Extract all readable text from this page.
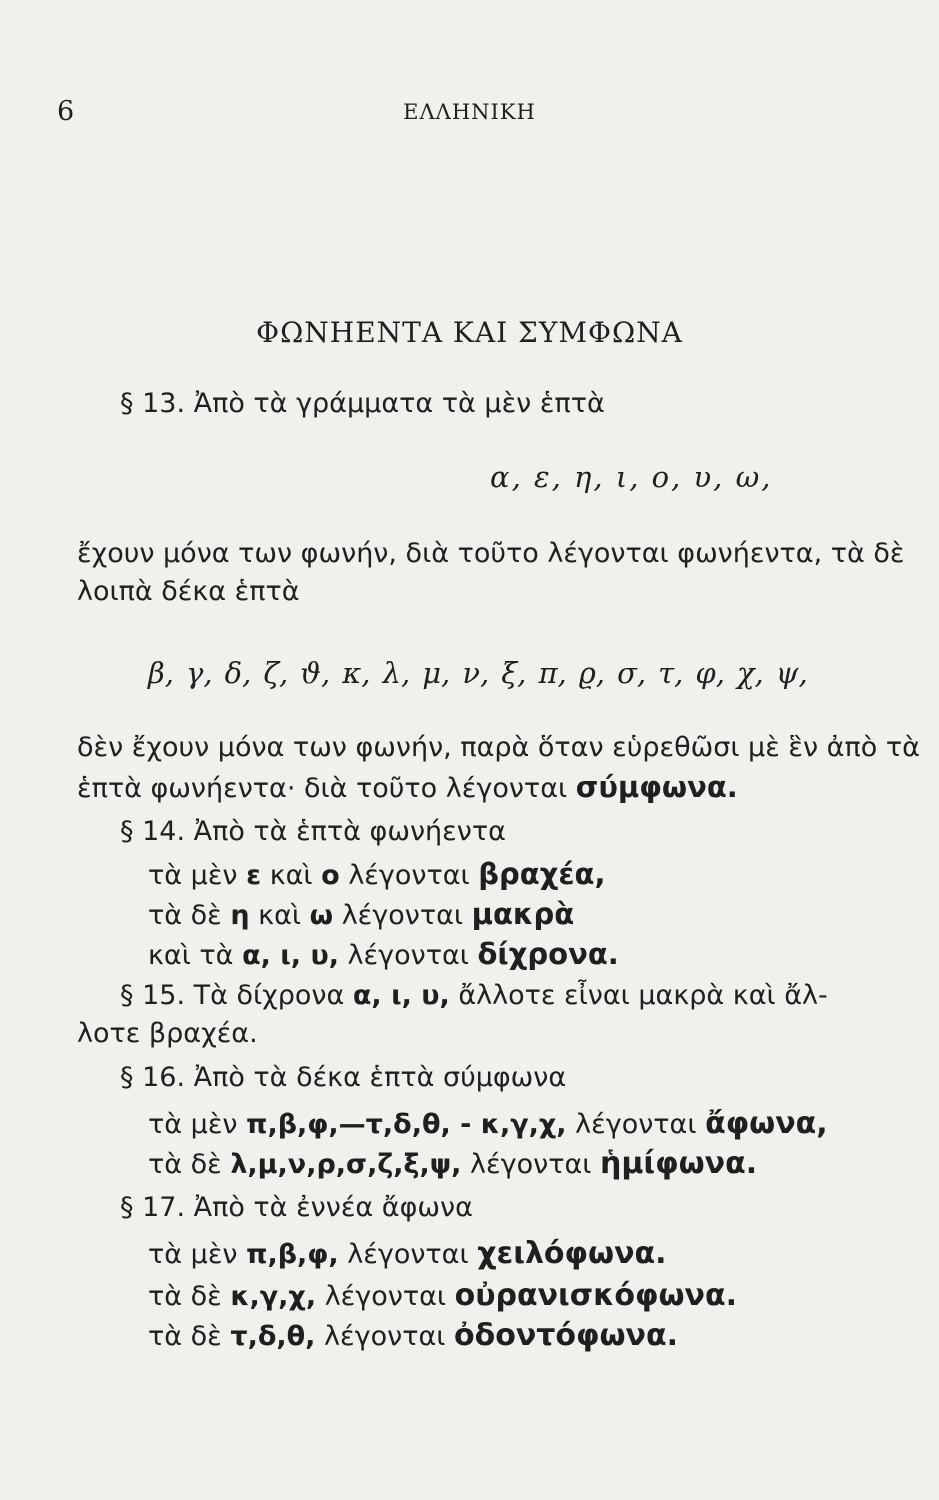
6	ΕΛΛΗΝΙΚΗ
ΦΩΝΗΕΝΤΑ ΚΑΙ ΣΥΜΦΩΝΑ
§ 13. Ἀπὸ τὰ γράμματα τὰ μὲν ἑπτὰ
α, ε, η, ι, ο, υ, ω,
ἔχουν μόνα των φωνήν, διὰ τοῦτο λέγονται φωνήεντα, τὰ δὲ
λοιπὰ δέκα ἑπτὰ
β, γ, δ, ζ, ϑ, κ, λ, μ, ν, ξ, π, ϱ, σ, τ, φ, χ, ψ,
δὲν ἔχουν μόνα των φωνήν, παρὰ ὅταν εὑρεθῶσι μὲ ἓν ἀπὸ τὰ
ἑπτὰ φωνήεντα· διὰ τοῦτο λέγονται σύμφωνα.
§ 14. Ἀπὸ τὰ ἑπτὰ φωνήεντα
τὰ μὲν ε καὶ ο λέγονται βραχέα,
τὰ δὲ η καὶ ω λέγονται μακρὰ
καὶ τὰ α, ι, υ, λέγονται δίχρονα.
§ 15. Τὰ δίχρονα α, ι, υ, ἄλλοτε εἶναι μακρὰ καὶ ἄλ-
λοτε βραχέα.
§ 16. Ἀπὸ τὰ δέκα ἑπτὰ σύμφωνα
τὰ μὲν π,β,φ,—τ,δ,θ, - κ,γ,χ, λέγονται ἄφωνα,
τὰ δὲ λ,μ,ν,ρ,σ,ζ,ξ,ψ, λέγονται ἡμίφωνα.
§ 17. Ἀπὸ τὰ ἐννέα ἄφωνα
τὰ μὲν π,β,φ, λέγονται χειλόφωνα.
τὰ δὲ κ,γ,χ, λέγονται οὐρανισκόφωνα.
τὰ δὲ τ,δ,θ, λέγονται ὀδοντόφωνα.
